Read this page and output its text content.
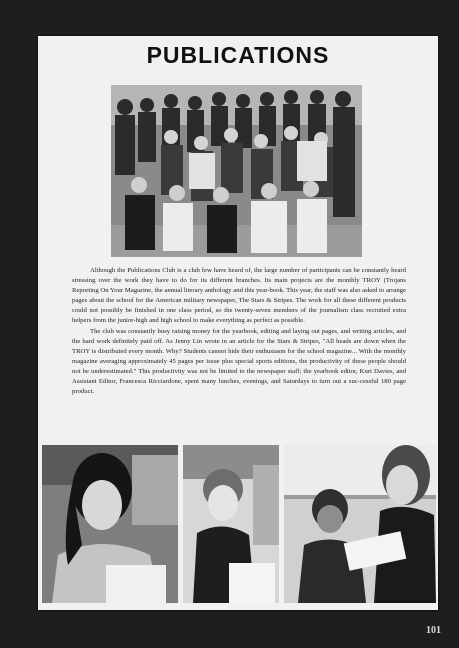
PUBLICATIONS

Although the Publications Club is a club few have heard of, the large number of participants can be constantly heard stressing over the work they have to do for its different branches. Its main projects are the monthly TROY (Trojans Reporting On Your Magazine, the annual literary anthology and this year-book. This year, the staff was also asked to arrange pages about the school for the American military newspaper, The Stars & Stripes. The work for all these different products could not possibly be finished in one class period, so the twenty-seven members of the journalism class recruited extra helpers from the junior-high and high school to make everything as perfect as possible.

The club was constantly busy raising money for the yearbook, editing and laying out pages, and writing articles, and the hard work definitely paid off. As Jenny Lin wrote in an article for the Stars & Stripes, "All heads are down when the TROY is distributed every month. Why? Students cannot hide their enthusiasm for the school magazine... With the monthly magazine averaging approximately 45 pages per issue plus special sports editions, the productivity of these people should not be underestimated." This productivity was not be limited to the newspaper staff; the yearbook editor, Kurt Davies, and Assistant Editor, Francesca Ricciardone, spent many lunches, evenings, and Saturdays to turn out a suc-cessful 180 page product.

101
